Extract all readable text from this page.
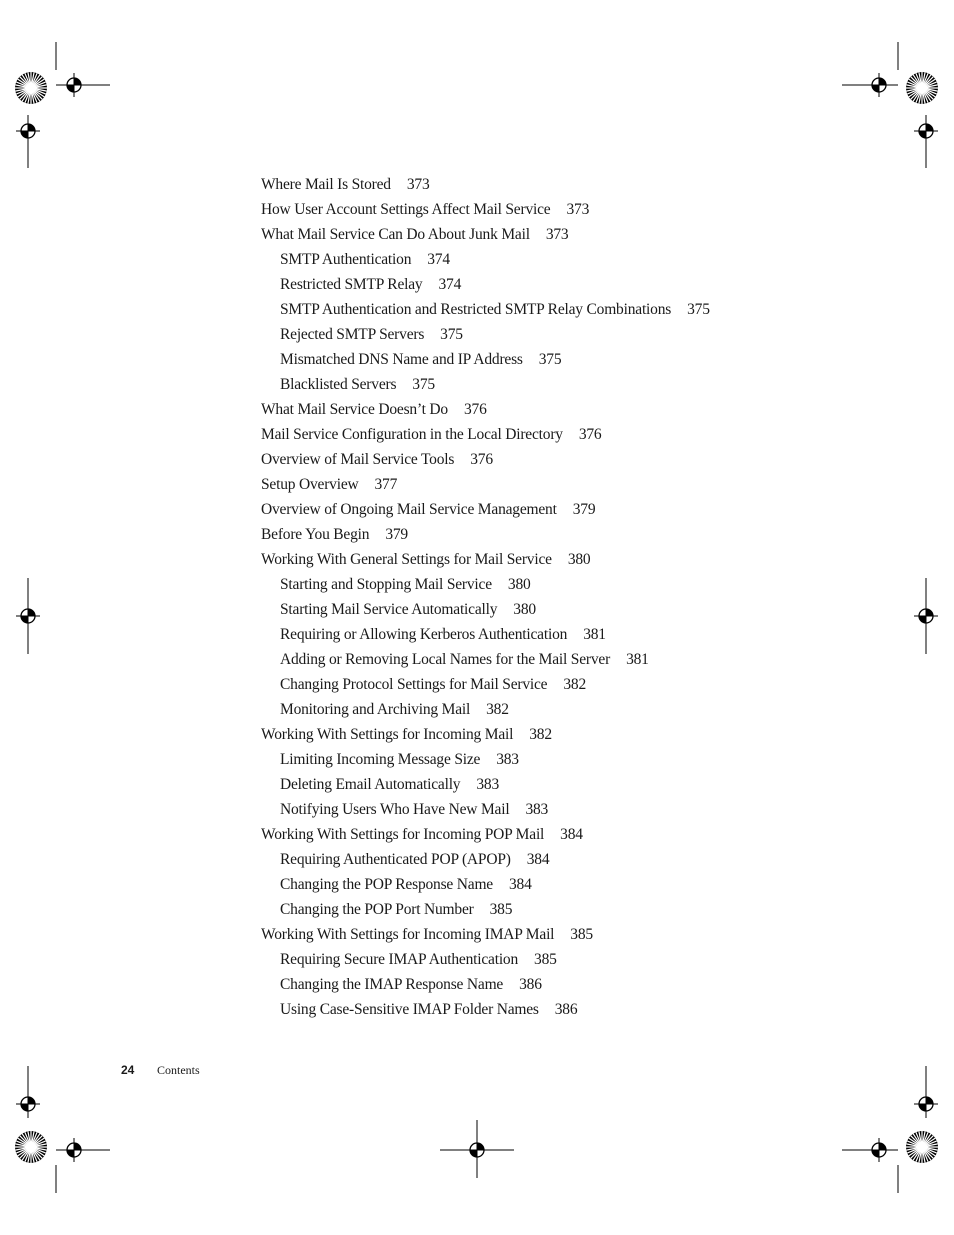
Where Mail Is Stored 373
How User Account Settings Affect Mail Service 373
What Mail Service Can Do About Junk Mail 373
SMTP Authentication 374
Restricted SMTP Relay 374
SMTP Authentication and Restricted SMTP Relay Combinations 375
Rejected SMTP Servers 375
Mismatched DNS Name and IP Address 375
Blacklisted Servers 375
What Mail Service Doesn’t Do 376
Mail Service Configuration in the Local Directory 376
Overview of Mail Service Tools 376
Setup Overview 377
Overview of Ongoing Mail Service Management 379
Before You Begin 379
Working With General Settings for Mail Service 380
Starting and Stopping Mail Service 380
Starting Mail Service Automatically 380
Requiring or Allowing Kerberos Authentication 381
Adding or Removing Local Names for the Mail Server 381
Changing Protocol Settings for Mail Service 382
Monitoring and Archiving Mail 382
Working With Settings for Incoming Mail 382
Limiting Incoming Message Size 383
Deleting Email Automatically 383
Notifying Users Who Have New Mail 383
Working With Settings for Incoming POP Mail 384
Requiring Authenticated POP (APOP) 384
Changing the POP Response Name 384
Changing the POP Port Number 385
Working With Settings for Incoming IMAP Mail 385
Requiring Secure IMAP Authentication 385
Changing the IMAP Response Name 386
Using Case-Sensitive IMAP Folder Names 386
24 Contents
